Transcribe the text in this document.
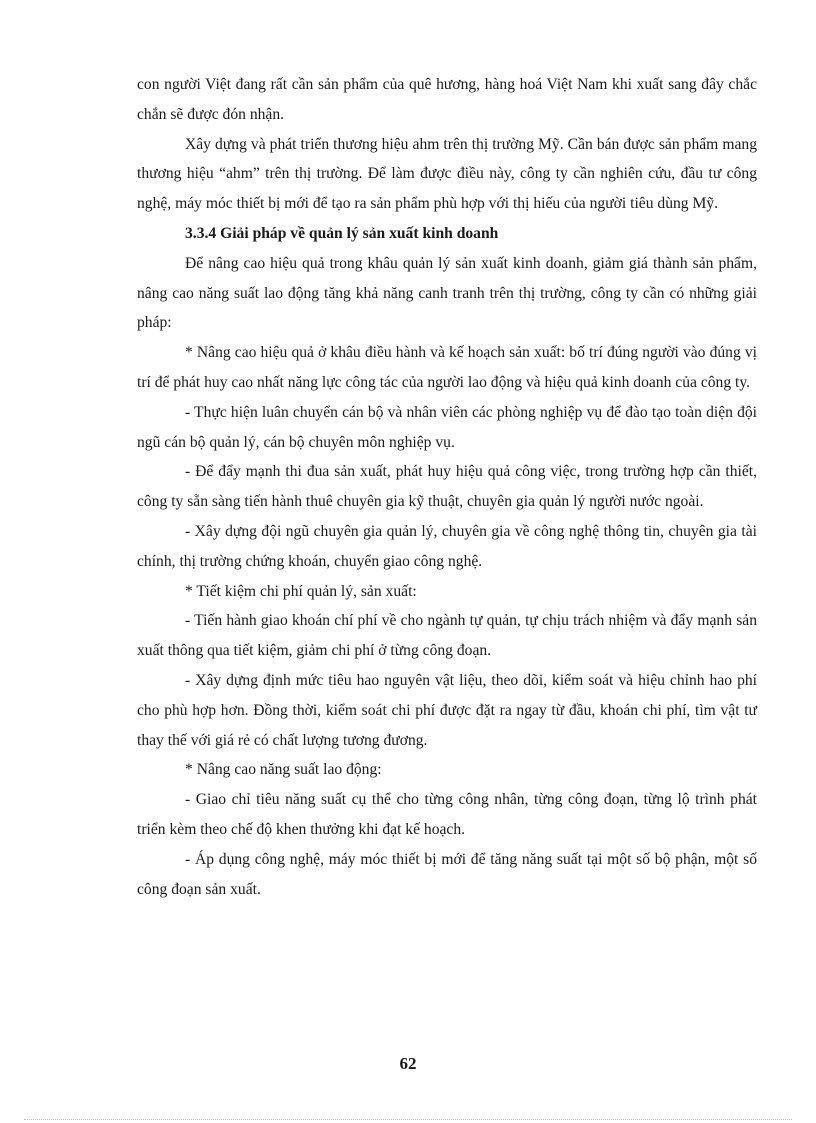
con người Việt đang rất cần sản phẩm của quê hương, hàng hoá Việt Nam khi xuất sang đây chắc chắn sẽ được đón nhận.

Xây dựng và phát triển thương hiệu ahm trên thị trường Mỹ. Cần bán được sản phẩm mang thương hiệu “ahm” trên thị trường. Để làm được điều này, công ty cần nghiên cứu, đầu tư công nghệ, máy móc thiết bị mới để tạo ra sản phẩm phù hợp với thị hiếu của người tiêu dùng Mỹ.

3.3.4 Giải pháp về quản lý sản xuất kinh doanh

Để nâng cao hiệu quả trong khâu quản lý sản xuất kinh doanh, giảm giá thành sản phẩm, nâng cao năng suất lao động tăng khả năng canh tranh trên thị trường, công ty cần có những giải pháp:

* Nâng cao hiệu quả ở khâu điều hành và kế hoạch sản xuất: bố trí đúng người vào đúng vị trí để phát huy cao nhất năng lực công tác của người lao động và hiệu quả kinh doanh của công ty.

- Thực hiện luân chuyển cán bộ và nhân viên các phòng nghiệp vụ để đào tạo toàn diện đội ngũ cán bộ quản lý, cán bộ chuyên môn nghiệp vụ.

- Để đẩy mạnh thi đua sản xuất, phát huy hiệu quả công việc, trong trường hợp cần thiết, công ty sẵn sàng tiến hành thuê chuyên gia kỹ thuật, chuyên gia quản lý người nước ngoài.

- Xây dựng đội ngũ chuyên gia quản lý, chuyên gia về công nghệ thông tin, chuyên gia tài chính, thị trường chứng khoán, chuyển giao công nghệ.

* Tiết kiệm chi phí quản lý, sản xuất:

- Tiến hành giao khoán chí phí về cho ngành tự quản, tự chịu trách nhiệm và đẩy mạnh sản xuất thông qua tiết kiệm, giảm chi phí ở từng công đoạn.

- Xây dựng định mức tiêu hao nguyên vật liệu, theo dõi, kiểm soát và hiệu chỉnh hao phí cho phù hợp hơn. Đồng thời, kiểm soát chi phí được đặt ra ngay từ đầu, khoán chi phí, tìm vật tư thay thế với giá rẻ có chất lượng tương đương.

* Nâng cao năng suất lao động:

- Giao chỉ tiêu năng suất cụ thể cho từng công nhân, từng công đoạn, từng lộ trình phát triển kèm theo chế độ khen thưởng khi đạt kế hoạch.

- Áp dụng công nghệ, máy móc thiết bị mới để tăng năng suất tại một số bộ phận, một số công đoạn sản xuất.

62
